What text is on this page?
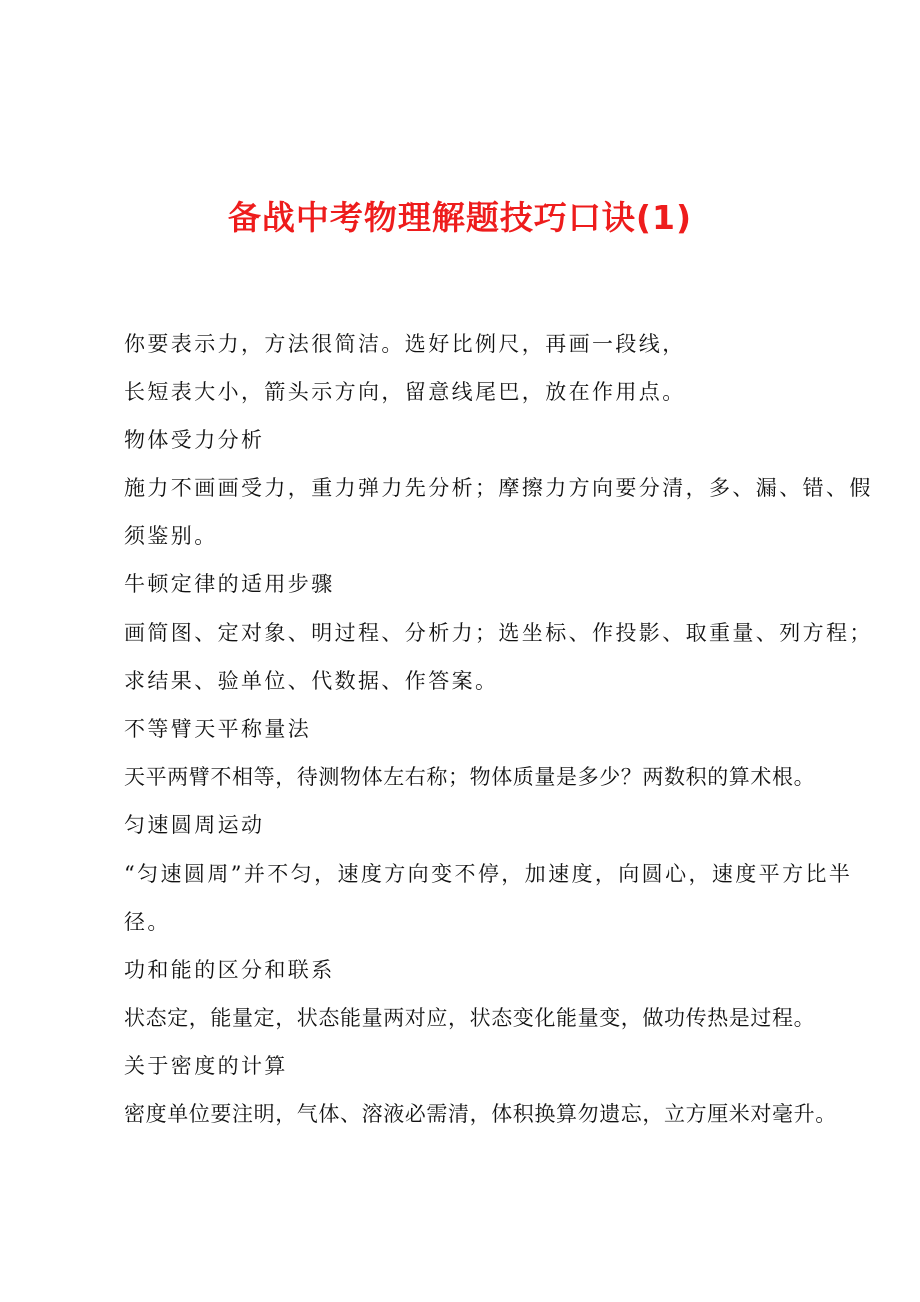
备战中考物理解题技巧口诀(1)
你要表示力，方法很简洁。选好比例尺，再画一段线，
长短表大小，箭头示方向，留意线尾巴，放在作用点。
物体受力分析
施力不画画受力，重力弹力先分析；摩擦力方向要分清，多、漏、错、假
须鉴别。
牛顿定律的适用步骤
画简图、定对象、明过程、分析力；选坐标、作投影、取重量、列方程；
求结果、验单位、代数据、作答案。
不等臂天平称量法
天平两臂不相等，待测物体左右称；物体质量是多少？两数积的算术根。
匀速圆周运动
“匀速圆周”并不匀，速度方向变不停，加速度，向圆心，速度平方比半
径。
功和能的区分和联系
状态定，能量定，状态能量两对应，状态变化能量变，做功传热是过程。
关于密度的计算
密度单位要注明，气体、溶液必需清，体积换算勿遗忘，立方厘米对毫升。
